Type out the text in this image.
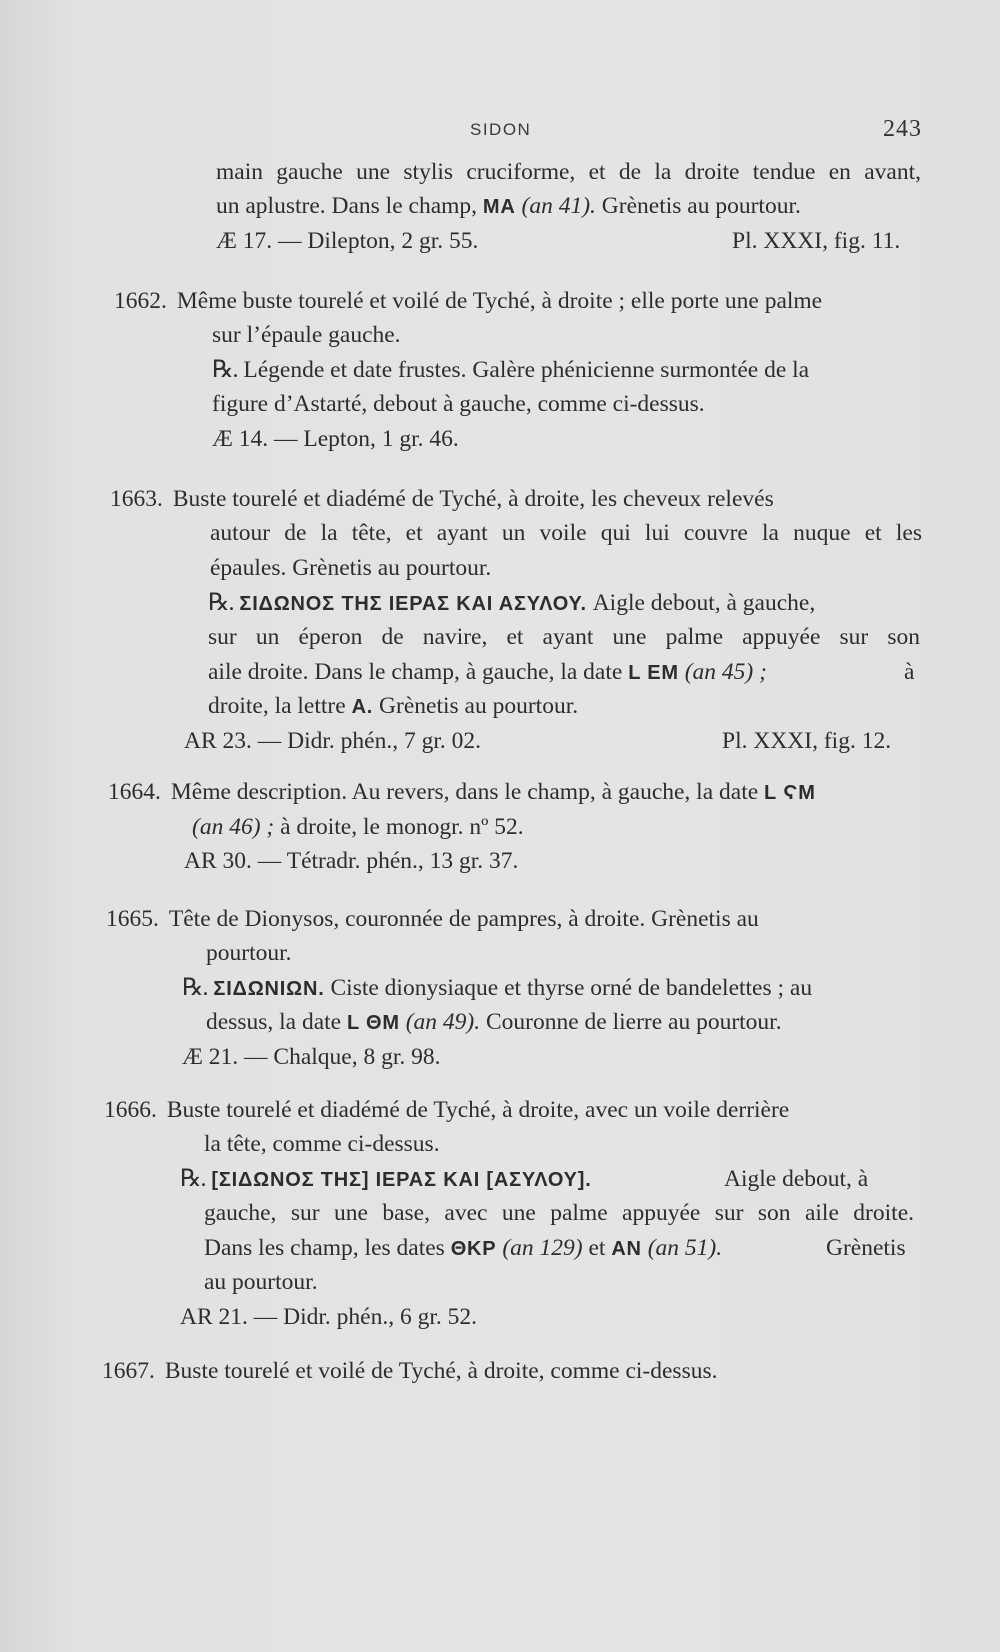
SIDON	243
main gauche une stylis cruciforme, et de la droite tendue en avant,
un aplustre. Dans le champ, MA (an 41). Grènetis au pourtour.
Æ 17. — Dilepton, 2 gr. 55.	Pl. XXXI, fig. 11.
1662. Même buste tourelé et voilé de Tyché, à droite ; elle porte une palme
sur l’épaule gauche.
℞. Légende et date frustes. Galère phénicienne surmontée de la
figure d’Astarté, debout à gauche, comme ci-dessus.
Æ 14. — Lepton, 1 gr. 46.
1663. Buste tourelé et diadémé de Tyché, à droite, les cheveux relevés
autour de la tête, et ayant un voile qui lui couvre la nuque et les
épaules. Grènetis au pourtour.
℞. ΣΙΔΩΝΟΣ ΤΗΣ ΙΕΡΑΣ ΚΑΙ ΑΣΥΛΟΥ. Aigle debout, à gauche,
sur un éperon de navire, et ayant une palme appuyée sur son
aile droite. Dans le champ, à gauche, la date L EM (an 45) ;	à
droite, la lettre A. Grènetis au pourtour.
AR 23. — Didr. phén., 7 gr. 02.	Pl. XXXI, fig. 12.
1664. Même description. Au revers, dans le champ, à gauche, la date L ϚM
(an 46) ; à droite, le monogr. nº 52.
AR 30. — Tétradr. phén., 13 gr. 37.
1665. Tête de Dionysos, couronnée de pampres, à droite. Grènetis au
pourtour.
℞. ΣΙΔΩΝΙΩΝ. Ciste dionysiaque et thyrse orné de bandelettes ; au
dessus, la date L ΘM (an 49). Couronne de lierre au pourtour.
Æ 21. — Chalque, 8 gr. 98.
1666. Buste tourelé et diadémé de Tyché, à droite, avec un voile derrière
la tête, comme ci-dessus.
℞. [ΣΙΔΩΝΟΣ ΤΗΣ] ΙΕΡΑΣ ΚΑΙ [ΑΣΥΛΟΥ].	Aigle debout, à
gauche, sur une base, avec une palme appuyée sur son aile droite.
Dans les champ, les dates ΘΚΡ (an 129) et AN (an 51).	Grènetis
au pourtour.
AR 21. — Didr. phén., 6 gr. 52.
1667. Buste tourelé et voilé de Tyché, à droite, comme ci-dessus.
